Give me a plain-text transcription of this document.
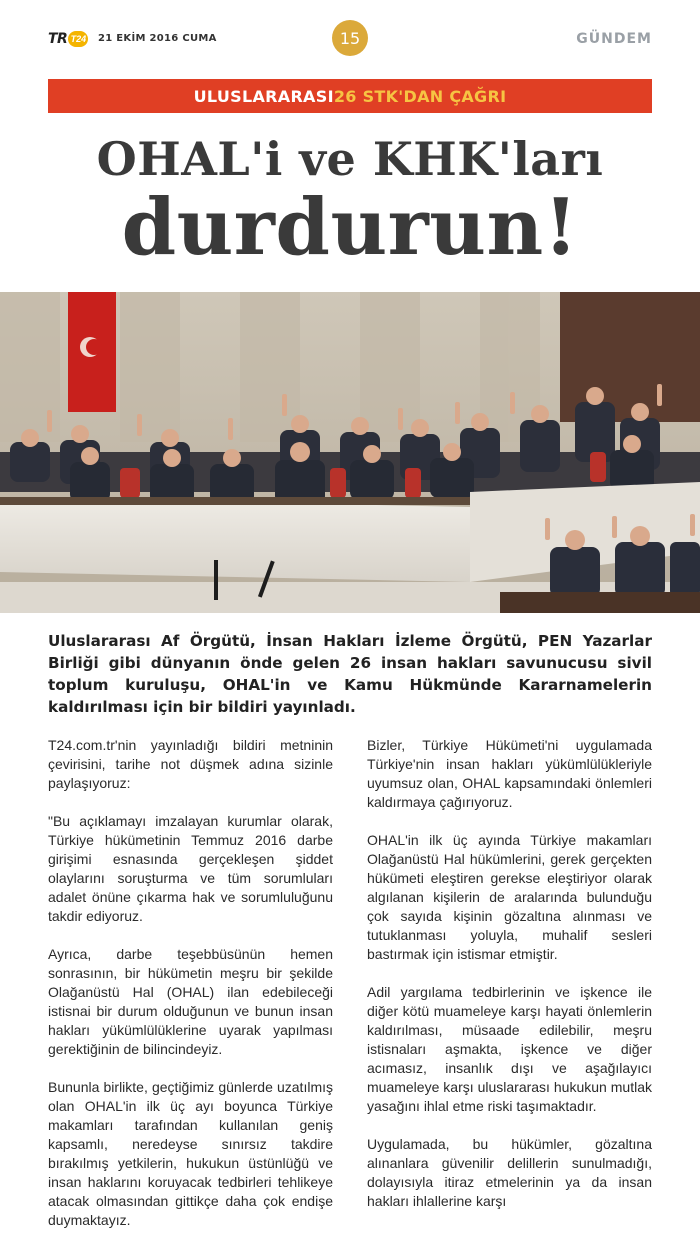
TR T24 21 EKİM 2016 CUMA	15	GÜNDEM
ULUSLARARASI 26 STK'DAN ÇAĞRI
OHAL'i ve KHK'ları
durdurun!
Uluslararası Af Örgütü, İnsan Hakları İzleme Örgütü, PEN Yazarlar Birliği gibi dünyanın önde gelen 26 insan hakları savunucusu sivil toplum kuruluşu, OHAL'in ve Kamu Hükmünde Kararnamelerin kaldırılması için bir bildiri yayınladı.

T24.com.tr'nin yayınladığı bildiri metninin çevirisini, tarihe not düşmek adına sizinle paylaşıyoruz:

"Bu açıklamayı imzalayan kurumlar olarak, Türkiye hükümetinin Temmuz 2016 darbe girişimi esnasında gerçekleşen şiddet olaylarını soruşturma ve tüm sorumluları adalet önüne çıkarma hak ve sorumluluğunu takdir ediyoruz.

Ayrıca, darbe teşebbüsünün hemen sonrasının, bir hükümetin meşru bir şekilde Olağanüstü Hal (OHAL) ilan edebileceği istisnai bir durum olduğunun ve bunun insan hakları yükümlülüklerine uyarak yapılması gerektiğinin de bilincindeyiz.

Bununla birlikte, geçtiğimiz günlerde uzatılmış olan OHAL'in ilk üç ayı boyunca Türkiye makamları tarafından kullanılan geniş kapsamlı, neredeyse sınırsız takdire bırakılmış yetkilerin, hukukun üstünlüğü ve insan haklarını koruyacak tedbirleri tehlikeye atacak olmasından gittikçe daha çok endişe duymaktayız.

Bizler, Türkiye Hükümeti'ni uygulamada Türkiye'nin insan hakları yükümlülükleriyle uyumsuz olan, OHAL kapsamındaki önlemleri kaldırmaya çağırıyoruz.

OHAL'in ilk üç ayında Türkiye makamları Olağanüstü Hal hükümlerini, gerek gerçekten hükümeti eleştiren gerekse eleştiriyor olarak algılanan kişilerin de aralarında bulunduğu çok sayıda kişinin gözaltına alınması ve tutuklanması yoluyla, muhalif sesleri bastırmak için istismar etmiştir.

Adil yargılama tedbirlerinin ve işkence ile diğer kötü muameleye karşı hayati önlemlerin kaldırılması, müsaade edilebilir, meşru istisnaları aşmakta, işkence ve diğer acımasız, insanlık dışı ve aşağılayıcı muameleye karşı uluslararası hukukun mutlak yasağını ihlal etme riski taşımaktadır.

Uygulamada, bu hükümler, gözaltına alınanlara güvenilir delillerin sunulmadığı, dolayısıyla itiraz etmelerinin ya da insan hakları ihlallerine karşı
